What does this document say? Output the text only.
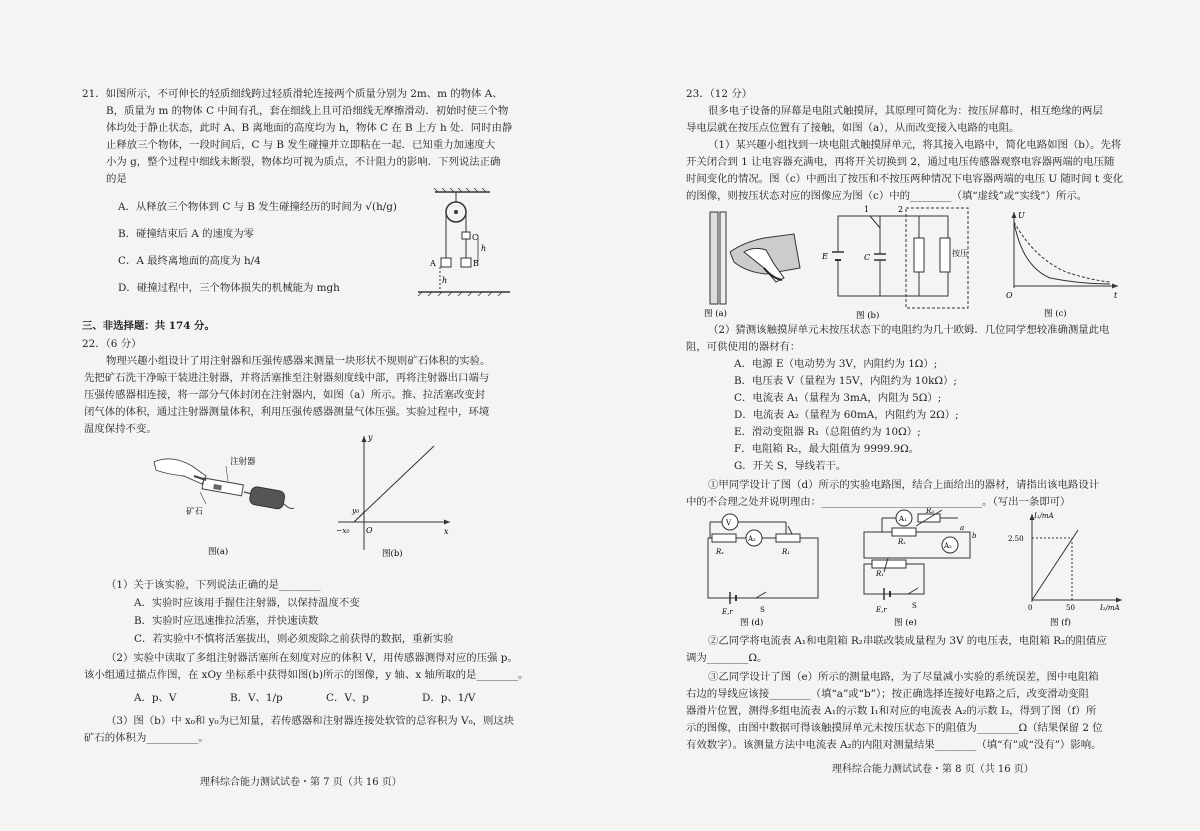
21．如图所示，不可伸长的轻质细线跨过轻质滑轮连接两个质量分别为 2m、m 的物体 A、
B，质量为 m 的物体 C 中间有孔，套在细线上且可沿细线无摩擦滑动．初始时使三个物
体均处于静止状态，此时 A、B 离地面的高度均为 h，物体 C 在 B 上方 h 处．同时由静
止释放三个物体，一段时间后，C 与 B 发生碰撞并立即粘在一起．已知重力加速度大
小为 g，整个过程中细线未断裂，物体均可视为质点，不计阻力的影响．下列说法正确
的是
A．从释放三个物体到 C 与 B 发生碰撞经历的时间为 √(h/g)
B．碰撞结束后 A 的速度为零
C．A 最终离地面的高度为 h/4
D．碰撞过程中，三个物体损失的机械能为 mgh
A	B
C
h
h
三、非选择题：共 174 分。
22．（6 分）
物理兴趣小组设计了用注射器和压强传感器来测量一块形状不规则矿石体积的实验。
先把矿石洗干净晾干装进注射器，并将活塞推至注射器刻度线中部，再将注射器出口端与
压强传感器相连接，将一部分气体封闭在注射器内，如图（a）所示。推、拉活塞改变封
闭气体的体积，通过注射器测量体积，利用压强传感器测量气体压强。实验过程中，环境
温度保持不变。
注射器
矿石
图(a)
y
x
O
y₀
−x₀
图(b)
（1）关于该实验，下列说法正确的是________
A．实验时应该用手握住注射器，以保持温度不变
B．实验时应迅速推拉活塞，并快速读数
C．若实验中不慎将活塞拔出，则必须废除之前获得的数据，重新实验
（2）实验中读取了多组注射器活塞所在刻度对应的体积 V，用传感器测得对应的压强 p。
该小组通过描点作图，在 xOy 坐标系中获得如图(b)所示的图像，y 轴、x 轴所取的是________。
A．p、V	B．V、1/p	C．V、p	D．p、1/V
（3）图（b）中 x₀和 y₀为已知量，若传感器和注射器连接处软管的总容积为 V₀，则这块
矿石的体积为__________。
理科综合能力测试试卷・第 7 页（共 16 页）
23．（12 分）
很多电子设备的屏幕是电阻式触摸屏，其原理可简化为：按压屏幕时，相互绝缘的两层
导电层就在按压点位置有了接触，如图（a），从而改变接入电路的电阻。
（1）某兴趣小组找到一块电阻式触摸屏单元，将其接入电路中，简化电路如图（b）。先将
开关闭合到 1 让电容器充满电，再将开关切换到 2，通过电压传感器观察电容器两端的电压随
时间变化的情况。图（c）中画出了按压和不按压两种情况下电容器两端的电压 U 随时间 t 变化
的图像，则按压状态对应的图像应为图（c）中的________（填“虚线”或“实线”）所示。
图 (a)
E	C
1	2
按压
图 (b)
U
O	t
图 (c)
（2）猜测该触摸屏单元未按压状态下的电阻约为几十欧姆．几位同学想较准确测量此电
阻，可供使用的器材有：
A．电源 E（电动势为 3V，内阻约为 1Ω）;
B．电压表 V（量程为 15V，内阻约为 10kΩ）;
C．电流表 A₁（量程为 3mA，内阻为 5Ω）;
D．电流表 A₂（量程为 60mA，内阻约为 2Ω）;
E．滑动变阻器 R₁（总阻值约为 10Ω）;
F．电阻箱 R₂，最大阻值为 9999.9Ω。
G．开关 S，导线若干。
①甲同学设计了图（d）所示的实验电路图，结合上面给出的器材，请指出该电路设计
中的不合理之处并说明理由：_______________________________。（写出一条即可）
V
A₂
Rₓ	R₁
E,r	S
图 (d)
A₁
A₂
R₂
Rₓ
R₁
a
b
E,r	S
图 (e)
I₁/mA
2.50
0	50	I₂/mA
图 (f)
②乙同学将电流表 A₁和电阻箱 R₂串联改装成量程为 3V 的电压表，电阻箱 R₂的阻值应
调为________Ω。
③乙同学设计了图（e）所示的测量电路，为了尽量减小实验的系统误差，图中电阻箱
右边的导线应该接________（填“a”或“b”）；按正确选择连接好电路之后，改变滑动变阻
器滑片位置，测得多组电流表 A₁的示数 I₁和对应的电流表 A₂的示数 I₂，得到了图（f）所
示的图像，由图中数据可得该触摸屏单元未按压状态下的阻值为________Ω（结果保留 2 位
有效数字）。该测量方法中电流表 A₂的内阻对测量结果________（填“有”或“没有”）影响。
理科综合能力测试试卷・第 8 页（共 16 页）
